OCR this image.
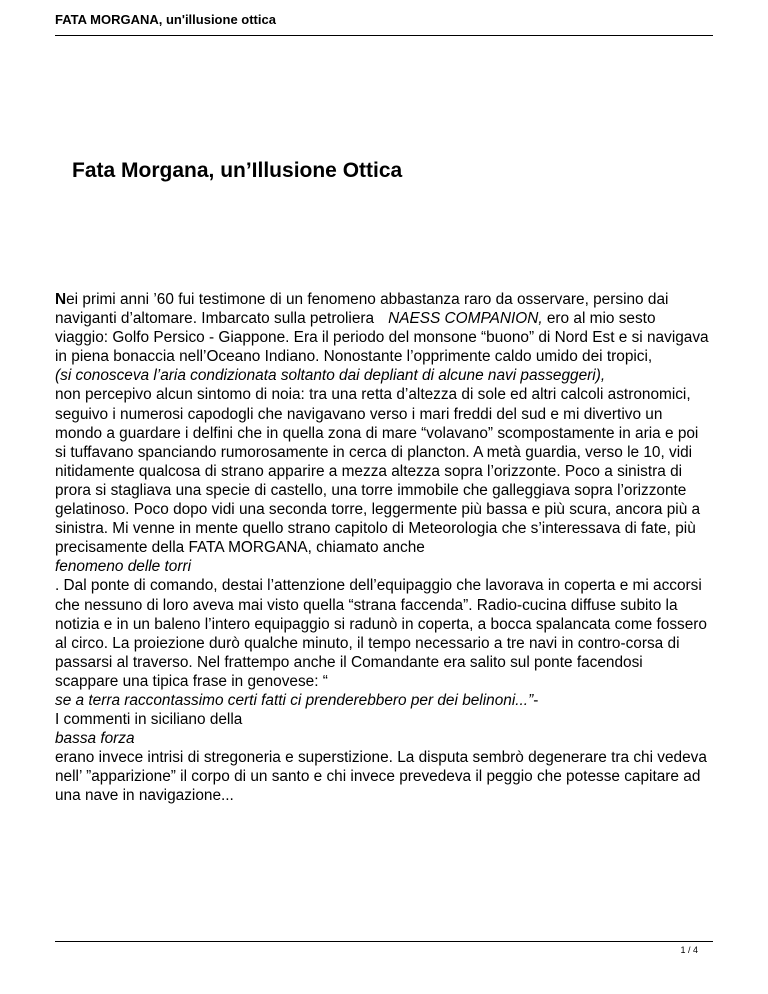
FATA MORGANA, un'illusione ottica
Fata Morgana, un’Illusione Ottica
Nei primi anni ’60 fui testimone di un fenomeno abbastanza raro da osservare, persino dai
naviganti d’altomare. Imbarcato sulla petroliera NAESS COMPANION, ero al mio sesto
viaggio: Golfo Persico - Giappone. Era il periodo del monsone “buono” di Nord Est e si navigava
in piena bonaccia nell’Oceano Indiano. Nonostante l’opprimente caldo umido dei tropici,
(si conosceva l’aria condizionata soltanto dai depliant di alcune navi passeggeri),
non percepivo alcun sintomo di noia: tra una retta d’altezza di sole ed altri calcoli astronomici,
seguivo i numerosi capodogli che navigavano verso i mari freddi del sud e mi divertivo un
mondo a guardare i delfini che in quella zona di mare “volavano” scompostamente in aria e poi
si tuffavano spanciando rumorosamente in cerca di plancton. A metà guardia, verso le 10, vidi
nitidamente qualcosa di strano apparire a mezza altezza sopra l’orizzonte. Poco a sinistra di
prora si stagliava una specie di castello, una torre immobile che galleggiava sopra l’orizzonte
gelatinoso. Poco dopo vidi una seconda torre, leggermente più bassa e più scura, ancora più a
sinistra. Mi venne in mente quello strano capitolo di Meteorologia che s’interessava di fate, più
precisamente della FATA MORGANA, chiamato anche
fenomeno delle torri
. Dal ponte di comando, destai l’attenzione dell’equipaggio che lavorava in coperta e mi accorsi
che nessuno di loro aveva mai visto quella “strana faccenda”. Radio-cucina diffuse subito la
notizia e in un baleno l’intero equipaggio si radunò in coperta, a bocca spalancata come fossero
al circo. La proiezione durò qualche minuto, il tempo necessario a tre navi in contro-corsa di
passarsi al traverso. Nel frattempo anche il Comandante era salito sul ponte facendosi
scappare una tipica frase in genovese: “
se a terra raccontassimo certi fatti ci prenderebbero per dei belinoni...”-
I commenti in siciliano della
bassa forza
erano invece intrisi di stregoneria e superstizione. La disputa sembrò degenerare tra chi vedeva
nell’ ”apparizione” il corpo di un santo e chi invece prevedeva il peggio che potesse capitare ad
una nave in navigazione...
1 / 4
